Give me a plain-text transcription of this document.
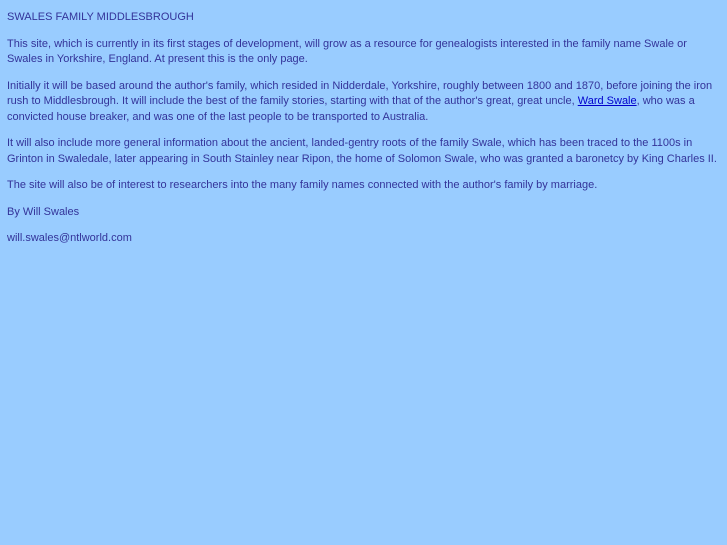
SWALES FAMILY MIDDLESBROUGH

This site, which is currently in its first stages of development, will grow as a resource for genealogists interested in the family name Swale or Swales in Yorkshire, England. At present this is the only page.

Initially it will be based around the author's family, which resided in Nidderdale, Yorkshire, roughly between 1800 and 1870, before joining the iron rush to Middlesbrough. It will include the best of the family stories, starting with that of the author's great, great uncle, Ward Swale, who was a convicted house breaker, and was one of the last people to be transported to Australia.

It will also include more general information about the ancient, landed-gentry roots of the family Swale, which has been traced to the 1100s in Grinton in Swaledale, later appearing in South Stainley near Ripon, the home of Solomon Swale, who was granted a baronetcy by King Charles II.

The site will also be of interest to researchers into the many family names connected with the author's family by marriage.

By Will Swales

will.swales@ntlworld.com
